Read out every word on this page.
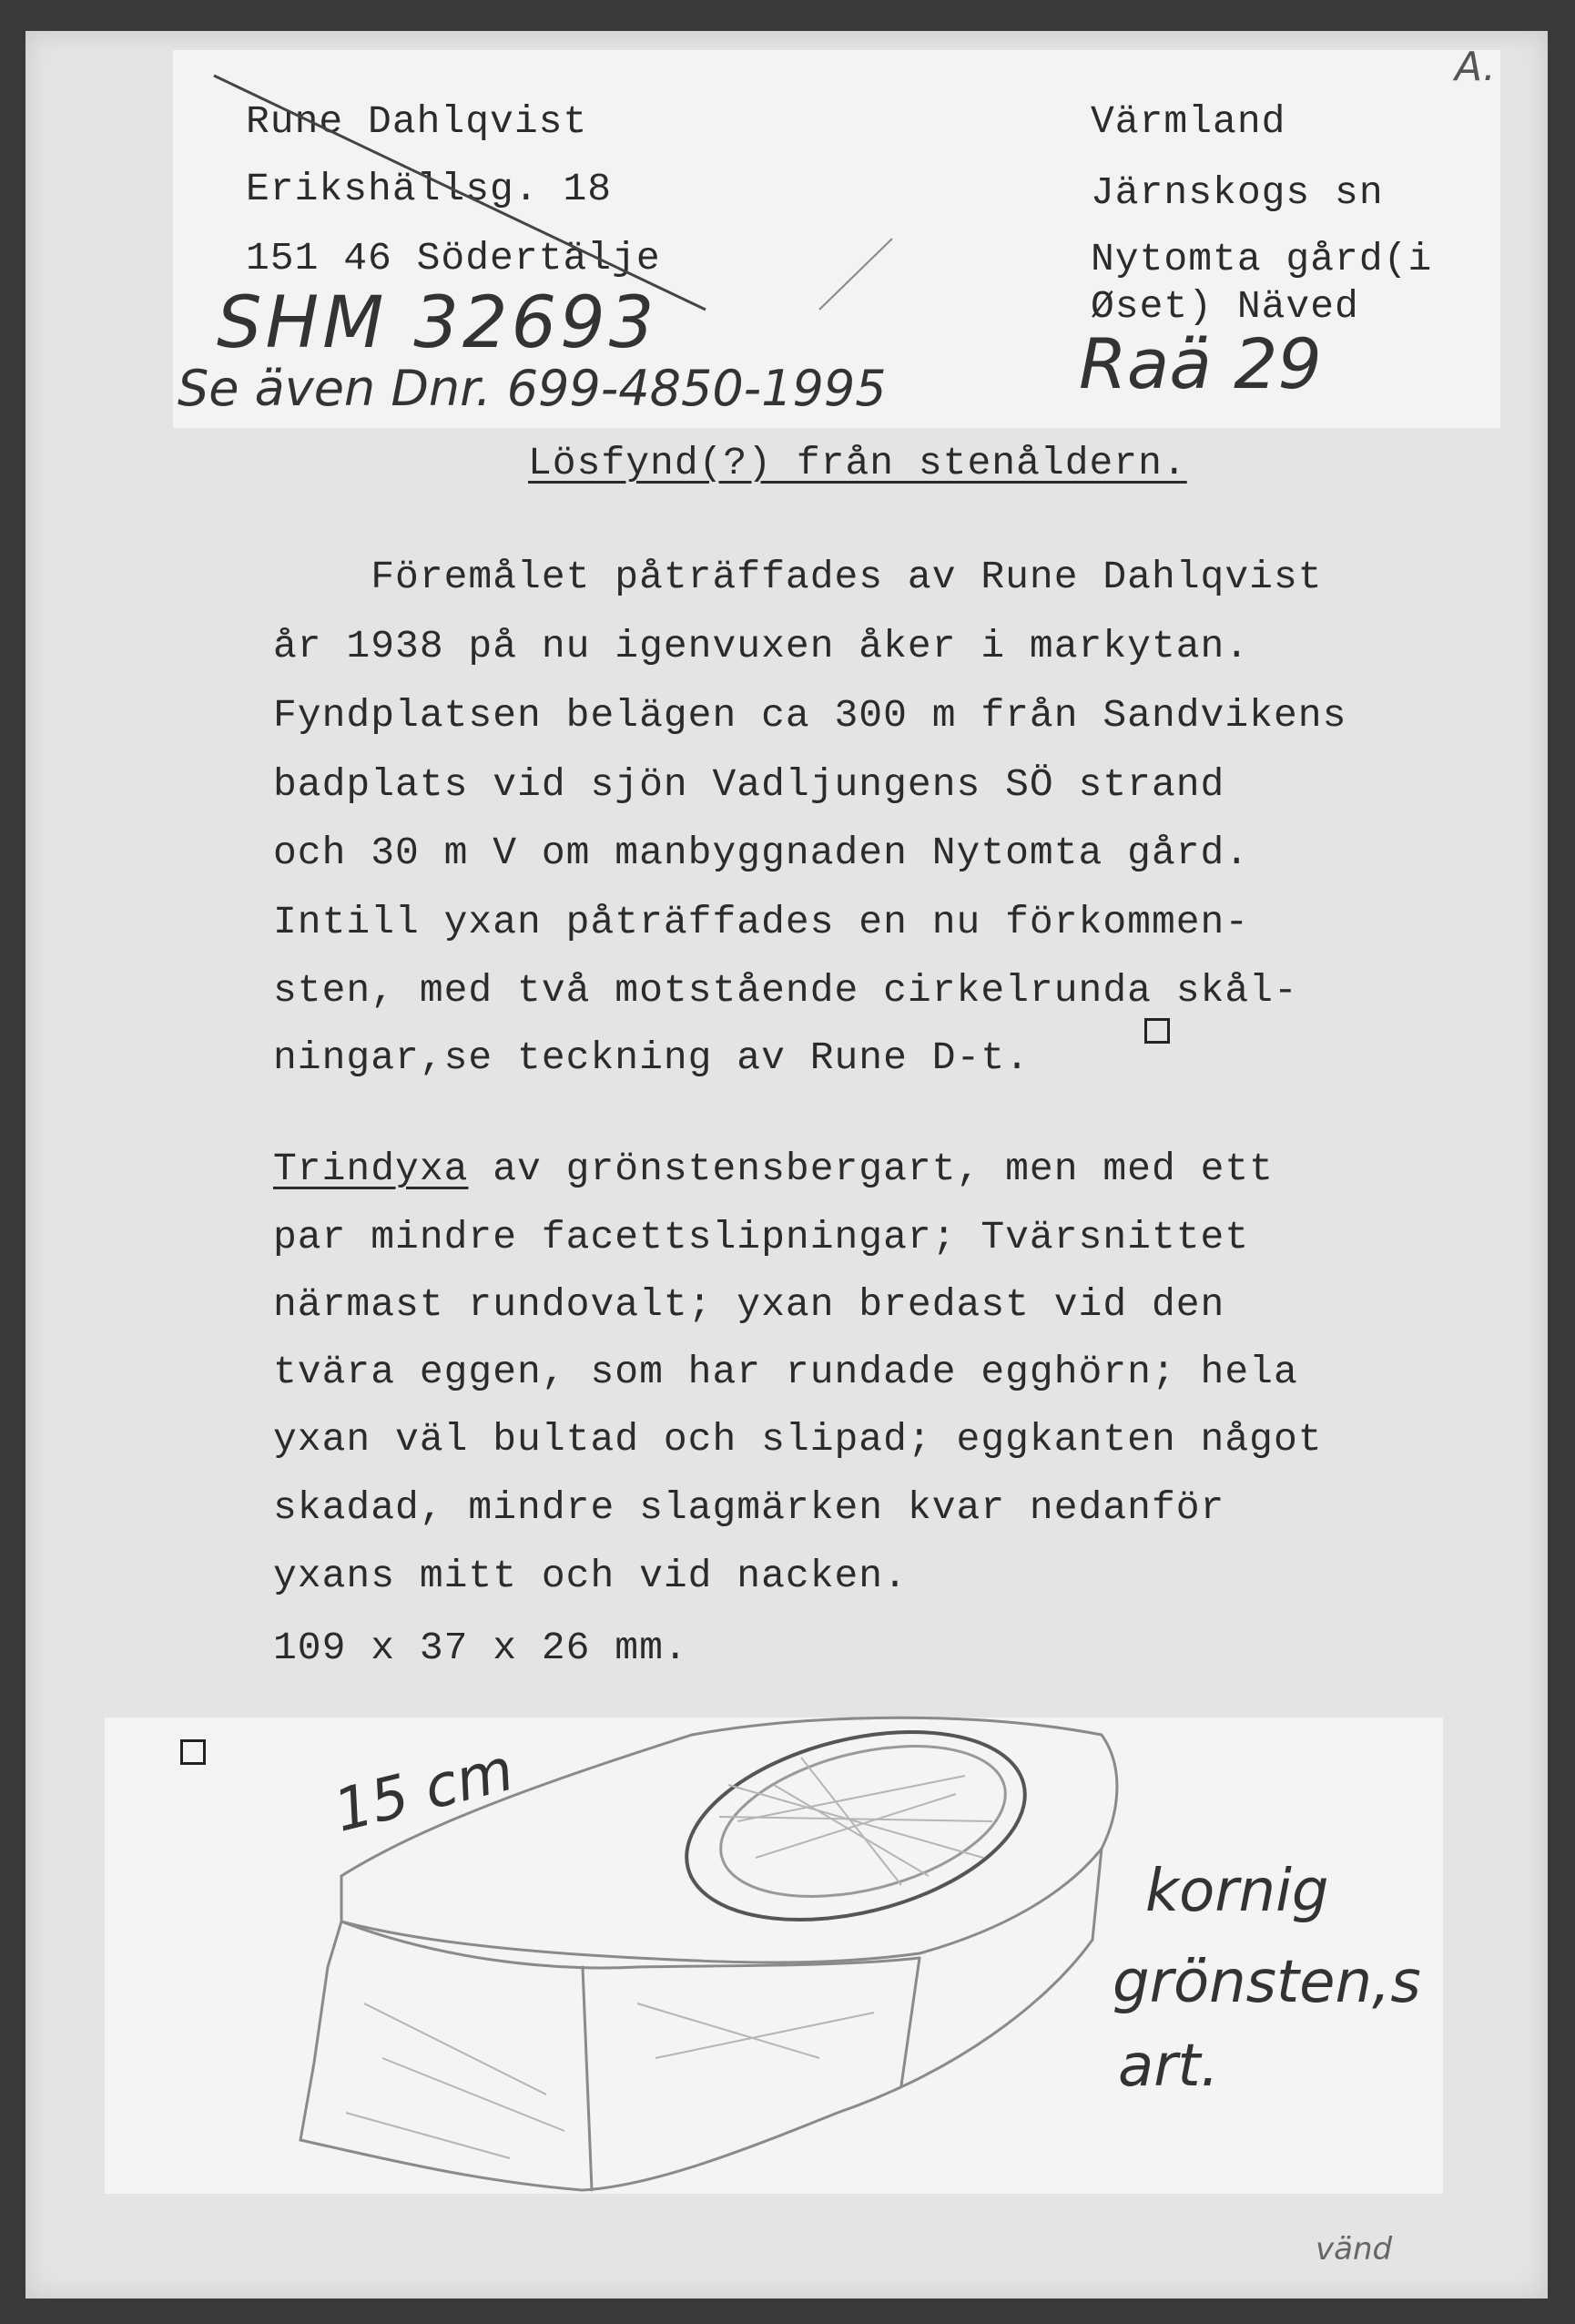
Rune Dahlqvist
Erikshällsg. 18
151 46 Södertälje
Värmland
Järnskogs sn
Nytomta gård(i
Øset) Näved
A.
SHM 32693
Se även Dnr. 699-4850-1995	Raä 29
Lösfynd(?) från stenåldern.
Föremålet påträffades av Rune Dahlqvist
år 1938 på nu igenvuxen åker i markytan.
Fyndplatsen belägen ca 300 m från Sandvikens
badplats vid sjön Vadljungens SÖ strand
och 30 m V om manbyggnaden Nytomta gård.
Intill yxan påträffades en nu förkommen-
sten, med två motstående cirkelrunda skål-
ningar,se teckning av Rune D-t.
Trindyxa av grönstensbergart, men med ett
par mindre facettslipningar; Tvärsnittet
närmast rundovalt; yxan bredast vid den
tvära eggen, som har rundade egghörn; hela
yxan väl bultad och slipad; eggkanten något
skadad, mindre slagmärken kvar nedanför
yxans mitt och vid nacken.
109 x 37 x 26 mm.
15 cm
kornig
grönsten,s
art.
vänd
